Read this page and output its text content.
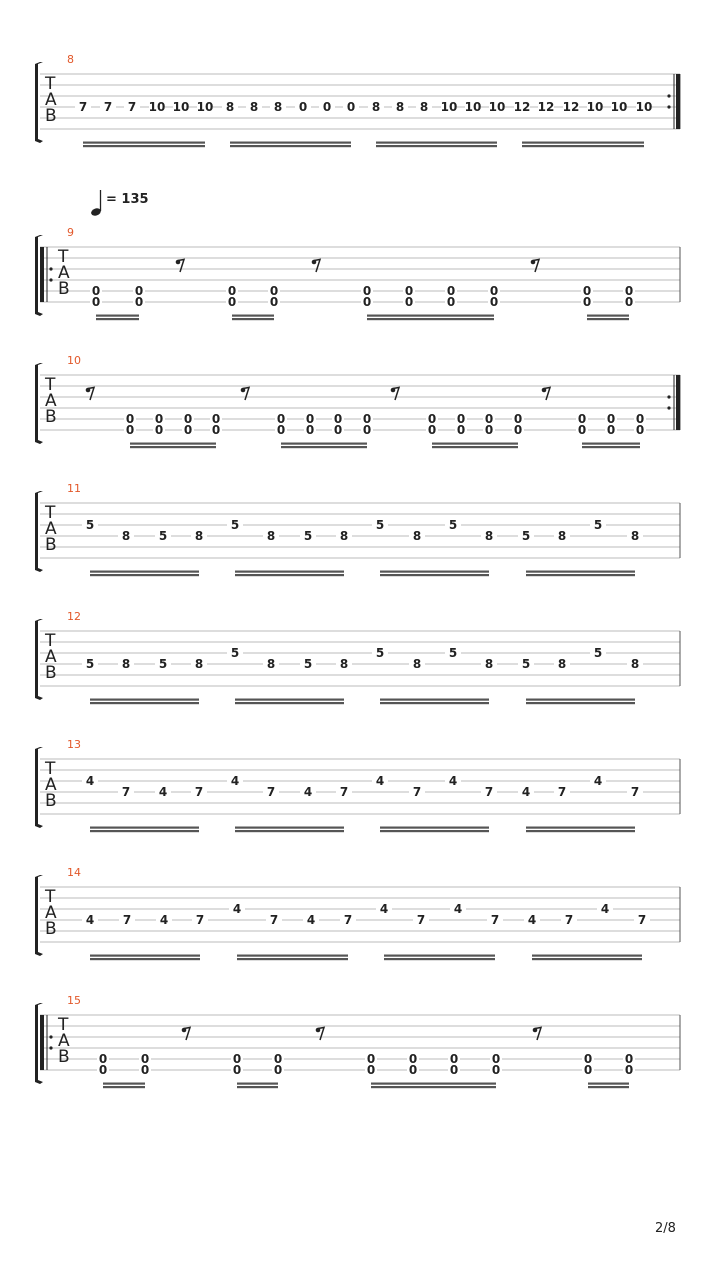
8
T
A
B 7 7 7 10 10 10 8 8 8 0 0 0 8 8 8 10 10 10 12 12 12 10 10 10
9
T
A
B
= 135
0
0
0
0
0
0
0
0
0
0
0
0
0
0
0
0
0
0
0
0
10
T
A
B	0
0
0
0
0
0
0
0
0
0
0
0
0
0
0
0
0
0
0
0
0
0
0
0
0
0
0
0
0
0
11
T
A
B
5
8 5 8
5
8 5 8
5
8
5
8 5 8
5
8
12
T
A
B 5 8 5 8
5
8 5 8
5
8
5
8 5 8
5
8
13
T
A
B
4
7 4 7
4
7 4 7
4
7
4
7 4 7
4
7
14
T
A
B 4 7 4 7
4
7 4 7
4
7
4
7 4 7
4
7
15
T
A
B 0
0
0
0
0
0
0
0
0
0
0
0
0
0
0
0
0
0
0
0
2/8
